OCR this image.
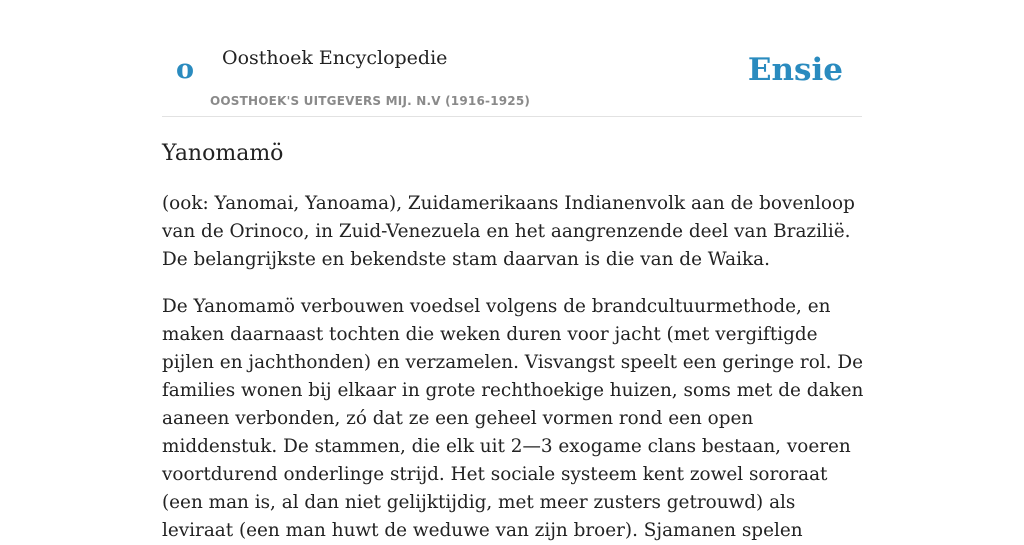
o Oosthoek Encyclopedie
OOSTHOEK'S UITGEVERS MIJ. N.V (1916-1925)
Ensie
Yanomamö

(ook: Yanomai, Yanoama), Zuidamerikaans Indianenvolk aan de bovenloop van de Orinoco, in Zuid-Venezuela en het aangrenzende deel van Brazilië. De belangrijkste en bekendste stam daarvan is die van de Waika.

De Yanomamö verbouwen voedsel volgens de brandcultuurmethode, en maken daarnaast tochten die weken duren voor jacht (met vergiftigde pijlen en jachthonden) en verzamelen. Visvangst speelt een geringe rol. De families wonen bij elkaar in grote rechthoekige huizen, soms met de daken aaneen verbonden, zó dat ze een geheel vormen rond een open middenstuk. De stammen, die elk uit 2—3 exogame clans bestaan, voeren voortdurend onderlinge strijd. Het sociale systeem kent zowel sororaat (een man is, al dan niet gelijktijdig, met meer zusters getrouwd) als leviraat (een man huwt de weduwe van zijn broer). Sjamanen spelen
